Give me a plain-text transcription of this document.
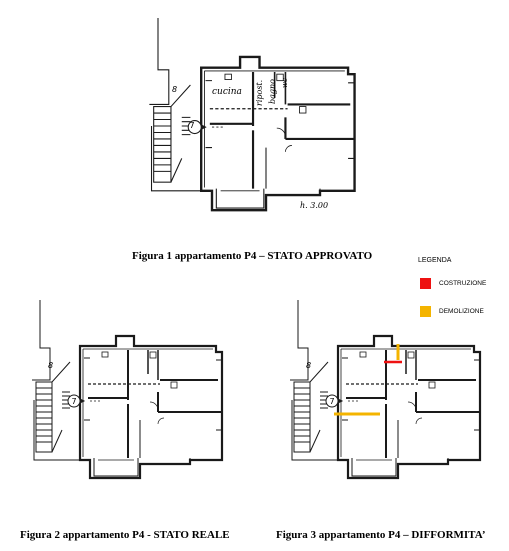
cucina ripost. bagno wc
h. 3.00
8
7
8
7
8
7
Figura 1 appartamento P4 – STATO APPROVATO
Figura 2 appartamento P4 - STATO REALE	Figura 3 appartamento P4 – DIFFORMITA’
LEGENDA
COSTRUZIONE
DEMOLIZIONE
